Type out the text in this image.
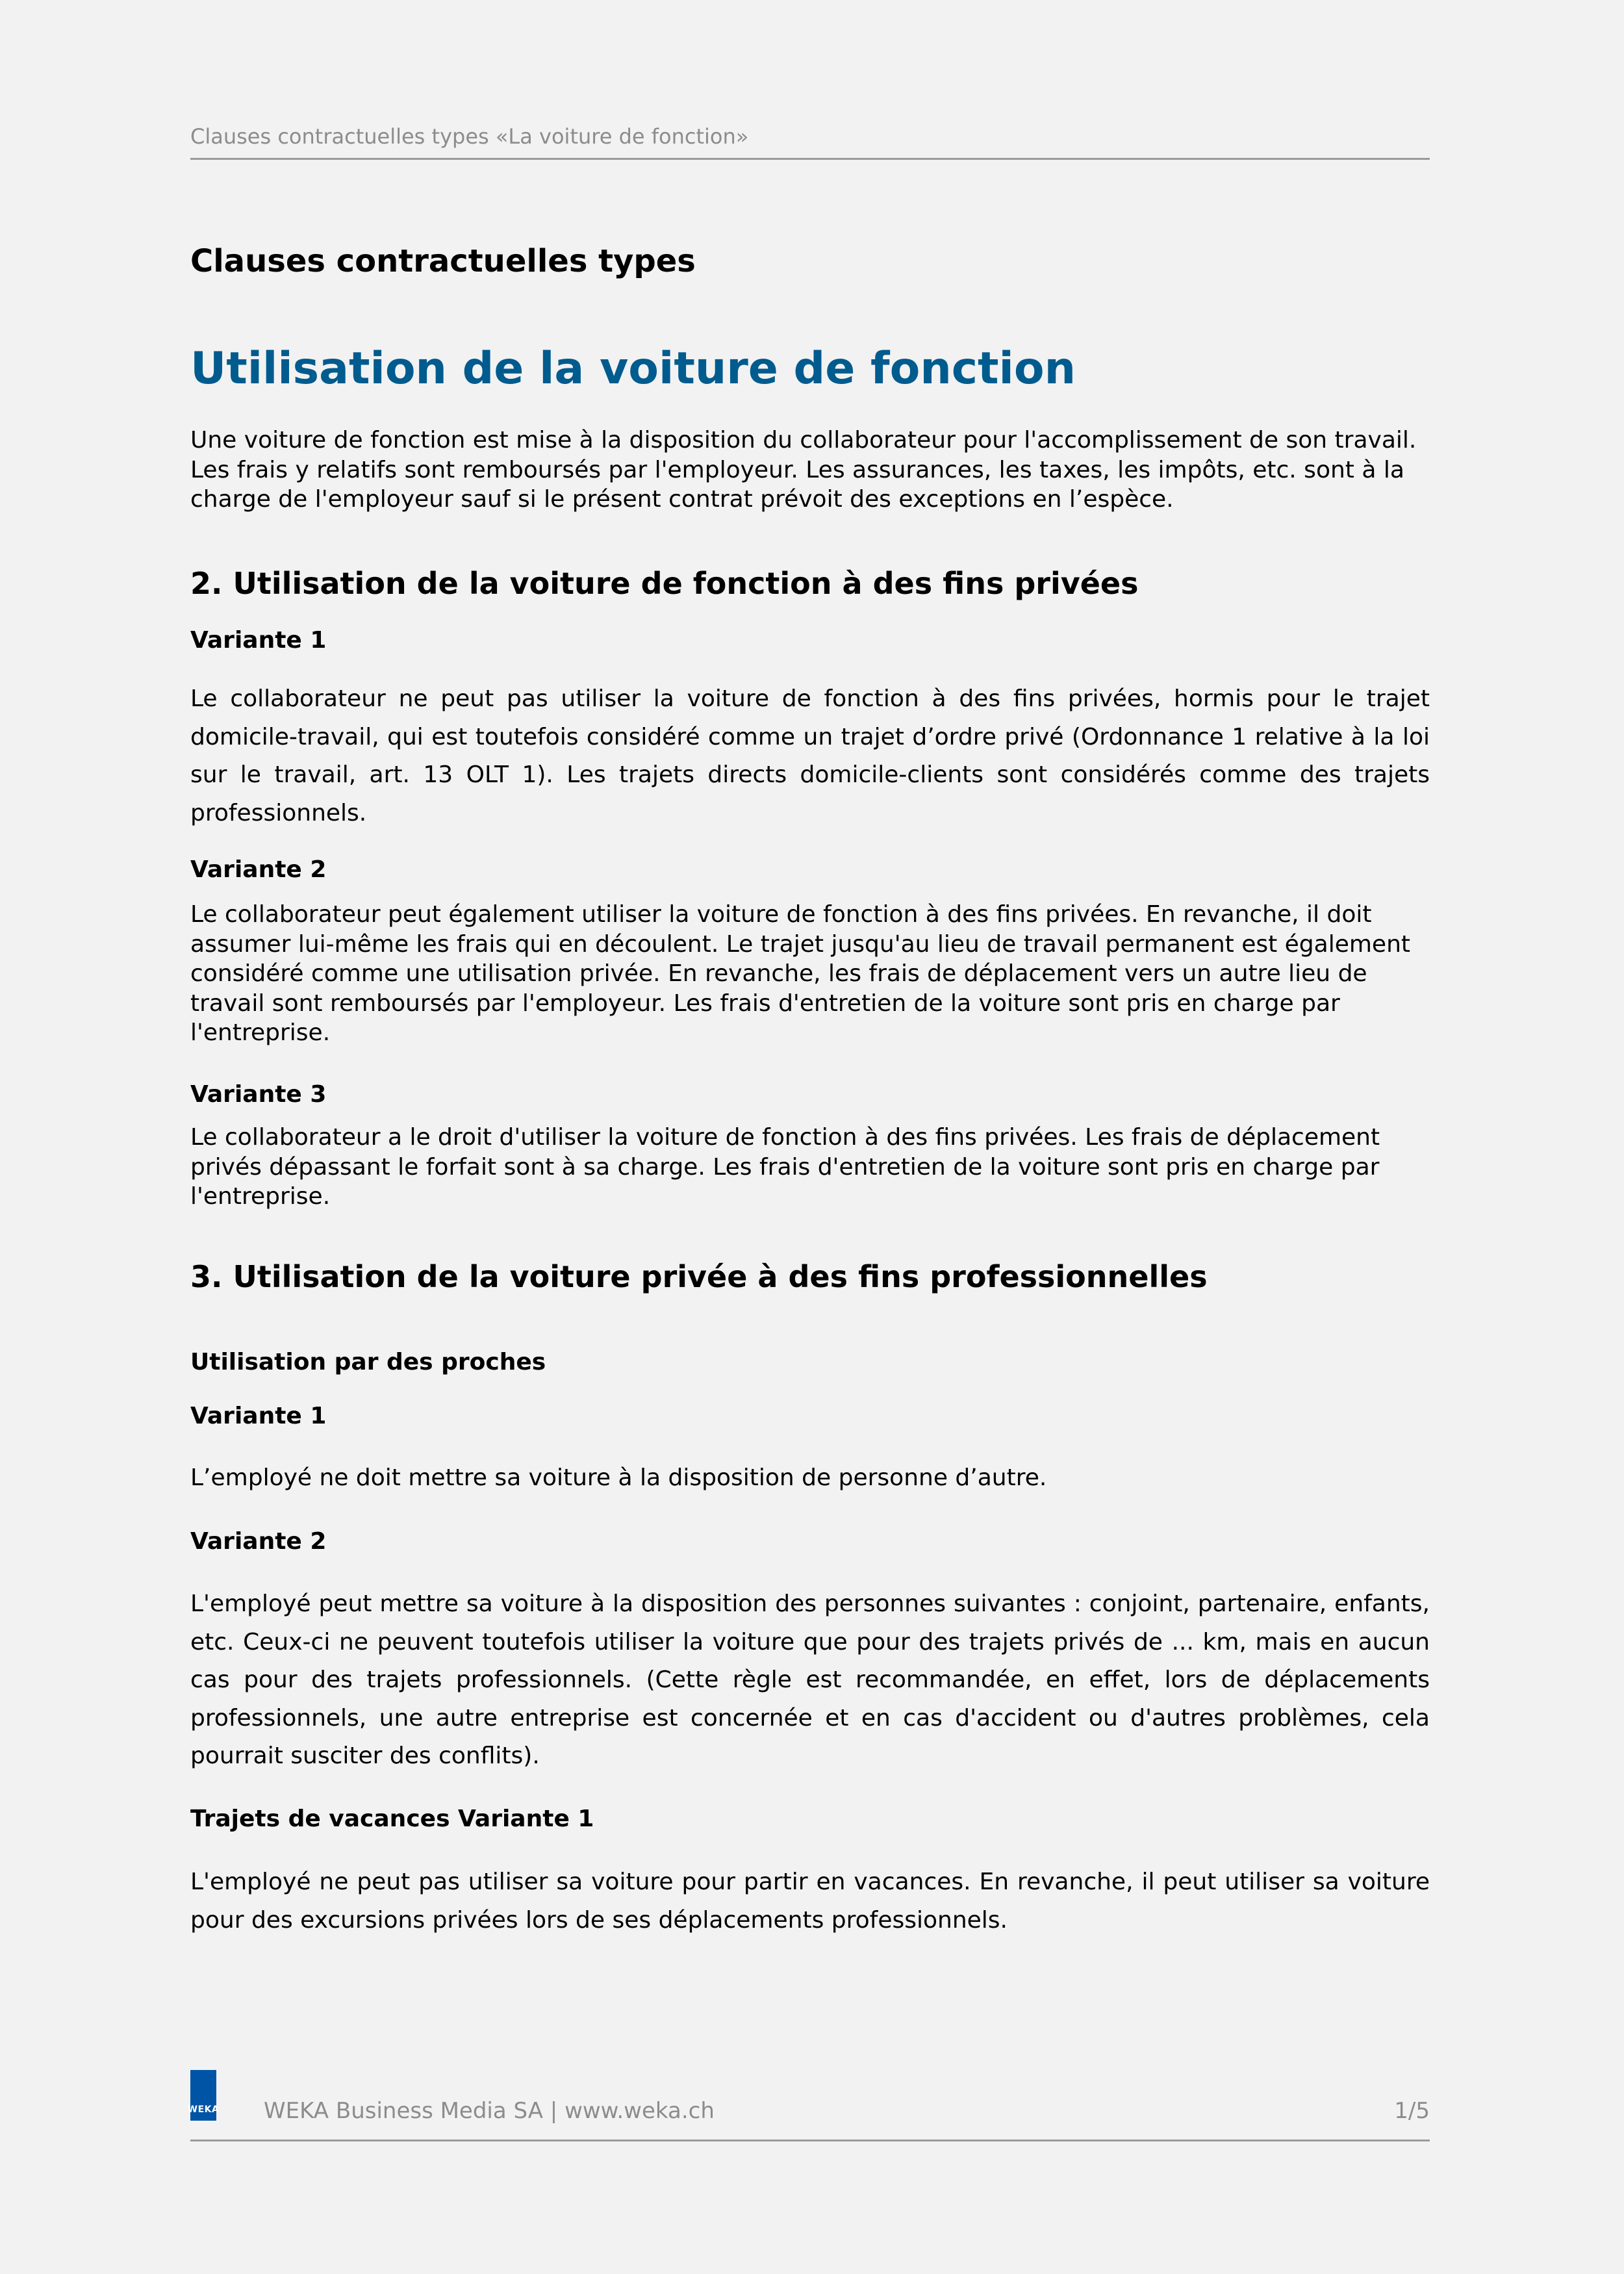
Clauses contractuelles types «La voiture de fonction»
Clauses contractuelles types
Utilisation de la voiture de fonction

Une voiture de fonction est mise à la disposition du collaborateur pour l'accomplissement de son travail. Les frais y relatifs sont remboursés par l'employeur. Les assurances, les taxes, les impôts, etc. sont à la charge de l'employeur sauf si le présent contrat prévoit des exceptions en l’espèce.

2. Utilisation de la voiture de fonction à des fins privées
Variante 1

Le collaborateur ne peut pas utiliser la voiture de fonction à des fins privées, hormis pour le trajet domicile-travail, qui est toutefois considéré comme un trajet d’ordre privé (Ordonnance 1 relative à la loi sur le travail, art. 13 OLT 1). Les trajets directs domicile-clients sont considérés comme des trajets professionnels.

Variante 2

Le collaborateur peut également utiliser la voiture de fonction à des fins privées. En revanche, il doit assumer lui-même les frais qui en découlent. Le trajet jusqu'au lieu de travail permanent est également considéré comme une utilisation privée. En revanche, les frais de déplacement vers un autre lieu de travail sont remboursés par l'employeur. Les frais d'entretien de la voiture sont pris en charge par l'entreprise.

Variante 3

Le collaborateur a le droit d'utiliser la voiture de fonction à des fins privées. Les frais de déplacement privés dépassant le forfait sont à sa charge. Les frais d'entretien de la voiture sont pris en charge par l'entreprise.

3. Utilisation de la voiture privée à des fins professionnelles
Utilisation par des proches
Variante 1

L’employé ne doit mettre sa voiture à la disposition de personne d’autre.

Variante 2

L'employé peut mettre sa voiture à la disposition des personnes suivantes : conjoint, partenaire, enfants, etc. Ceux-ci ne peuvent toutefois utiliser la voiture que pour des trajets privés de ... km, mais en aucun cas pour des trajets professionnels. (Cette règle est recommandée, en effet, lors de déplacements professionnels, une autre entreprise est concernée et en cas d'accident ou d'autres problèmes, cela pourrait susciter des conflits).

Trajets de vacances Variante 1

L'employé ne peut pas utiliser sa voiture pour partir en vacances. En revanche, il peut utiliser sa voiture pour des excursions privées lors de ses déplacements professionnels.

WEKA WEKA Business Media SA | www.weka.ch	1/5
